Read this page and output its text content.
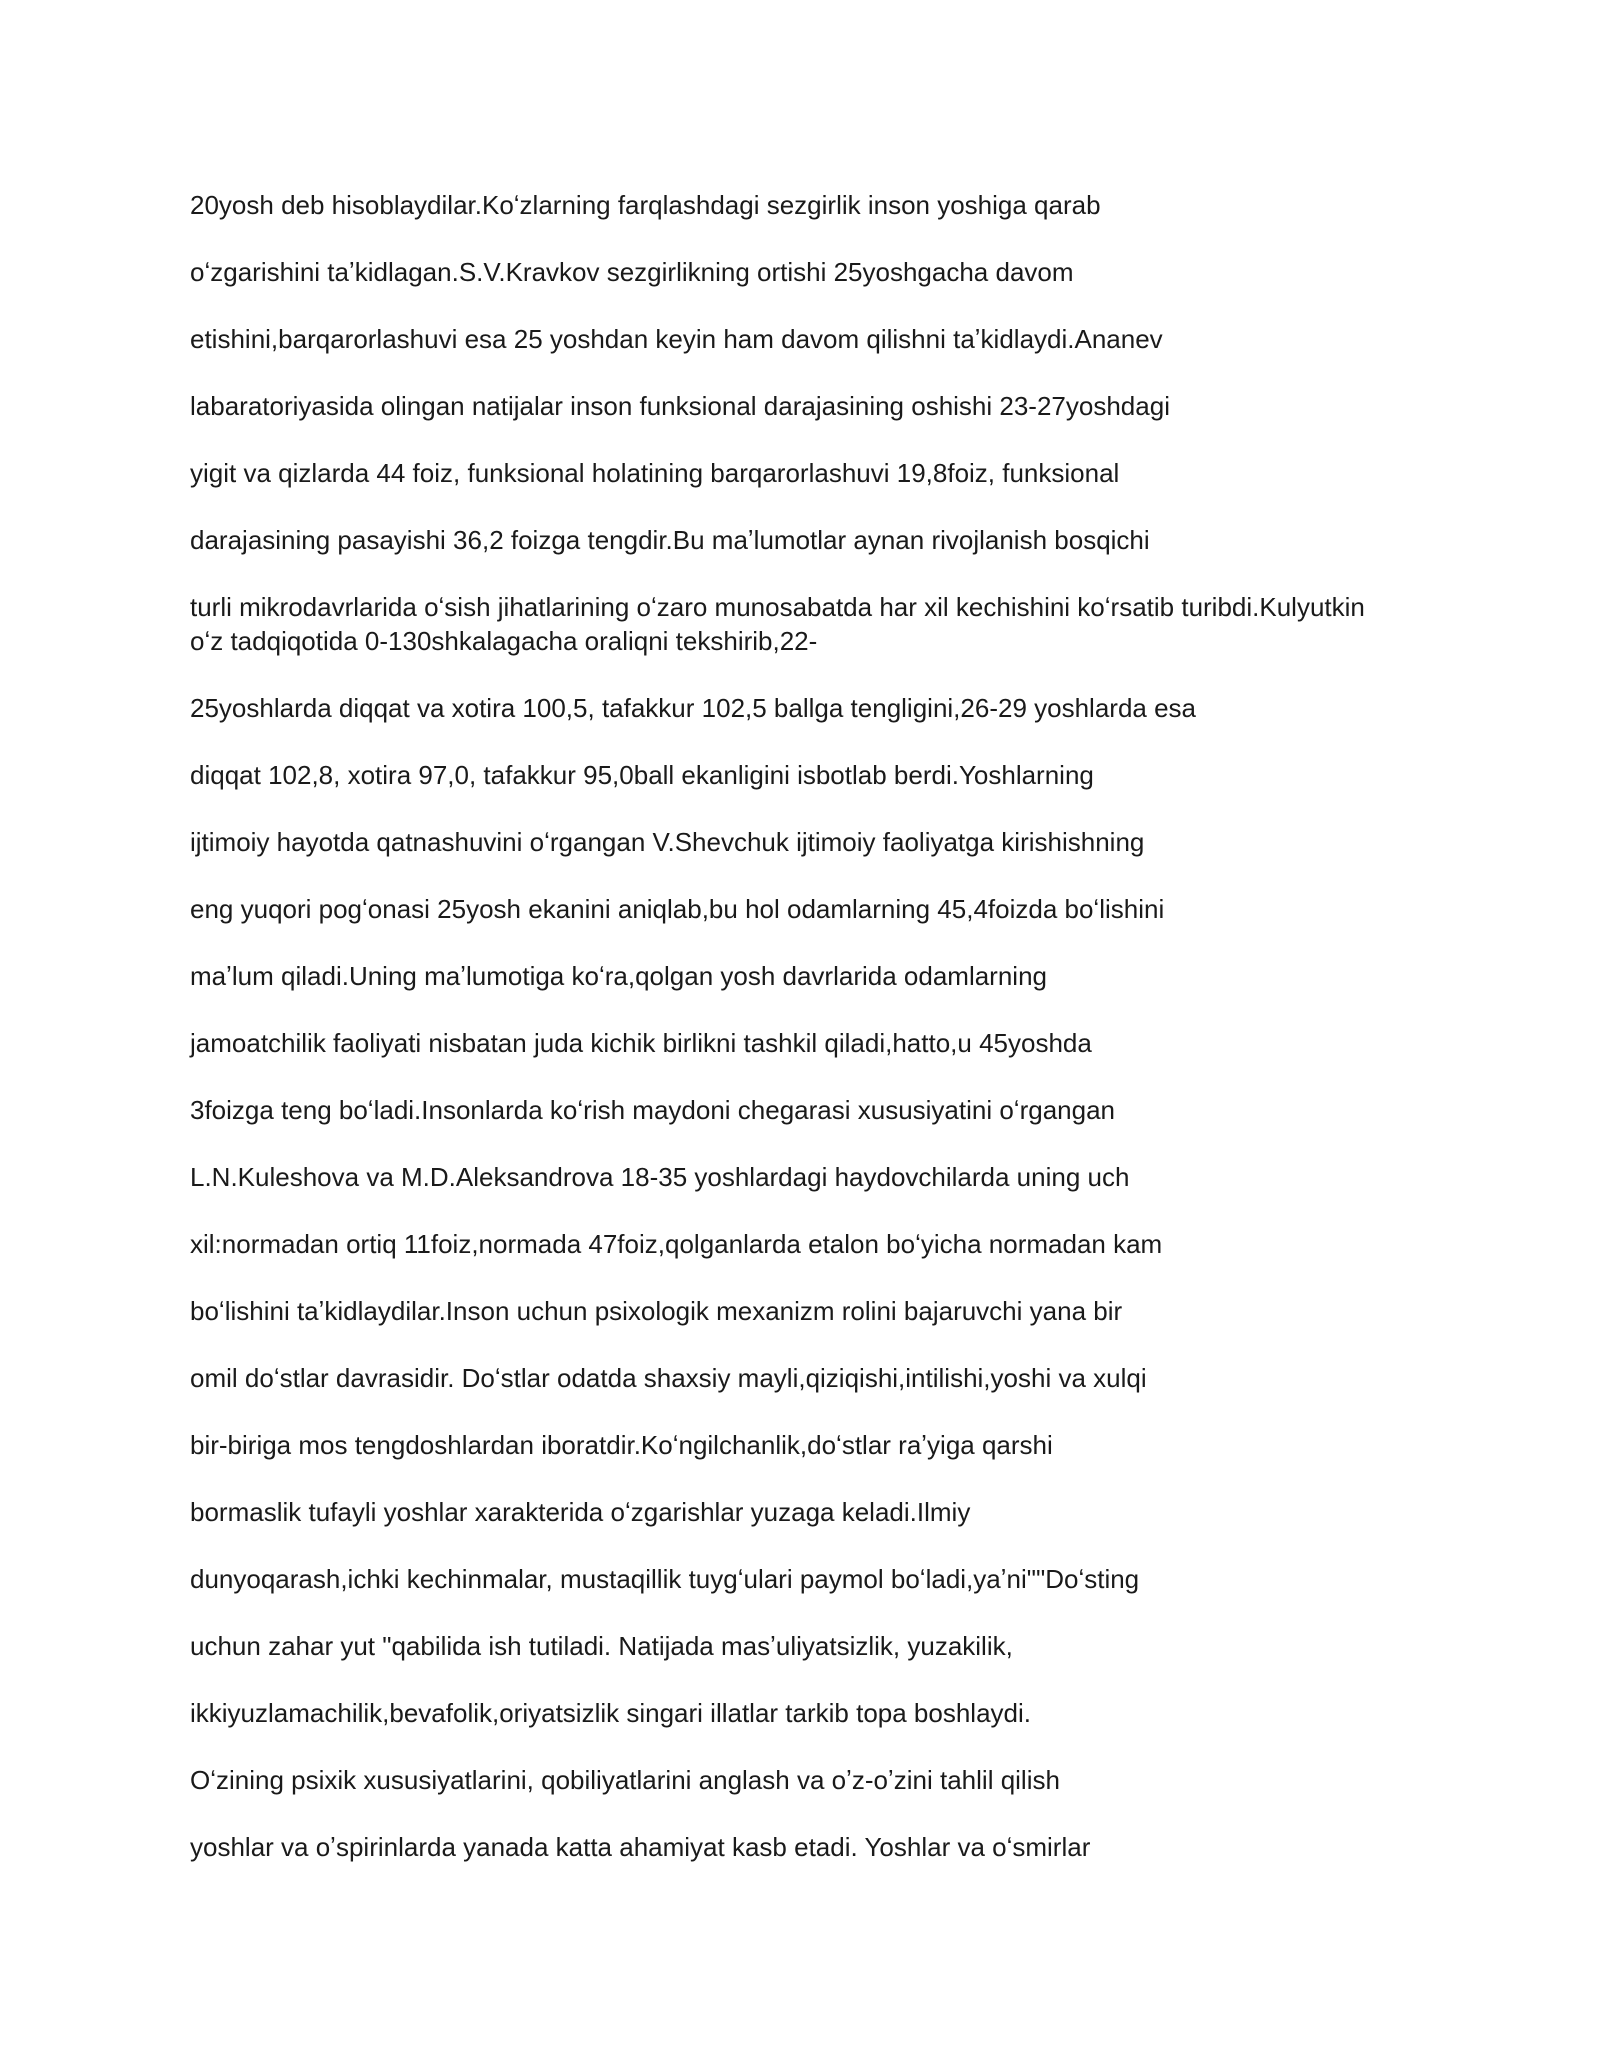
20yosh deb hisoblaydilar.Koʻzlarning farqlashdagi sezgirlik inson yoshiga qarab
oʻzgarishini taʼkidlagan.S.V.Kravkov sezgirlikning ortishi 25yoshgacha davom
etishini,barqarorlashuvi esa 25 yoshdan keyin ham davom qilishni taʼkidlaydi.Ananev
labaratoriyasida olingan natijalar inson funksional darajasining oshishi 23-27yoshdagi
yigit va qizlarda 44 foiz, funksional holatining barqarorlashuvi 19,8foiz, funksional
darajasining pasayishi 36,2 foizga tengdir.Bu maʼlumotlar aynan rivojlanish bosqichi
turli mikrodavrlarida oʻsish jihatlarining oʻzaro munosabatda har xil kechishini koʻrsatib turibdi.Kulyutkin
oʻz tadqiqotida 0-130shkalagacha oraliqni tekshirib,22-
25yoshlarda diqqat va xotira 100,5, tafakkur 102,5 ballga tengligini,26-29 yoshlarda esa
diqqat 102,8, xotira 97,0, tafakkur 95,0ball ekanligini isbotlab berdi.Yoshlarning
ijtimoiy hayotda qatnashuvini oʻrgangan V.Shevchuk ijtimoiy faoliyatga kirishishning
eng yuqori pogʻonasi 25yosh ekanini aniqlab,bu hol odamlarning 45,4foizda boʻlishini
maʼlum qiladi.Uning maʼlumotiga koʻra,qolgan yosh davrlarida odamlarning
jamoatchilik faoliyati nisbatan juda kichik birlikni tashkil qiladi,hatto,u 45yoshda
3foizga teng boʻladi.Insonlarda koʻrish maydoni chegarasi xususiyatini oʻrgangan
L.N.Kuleshova va M.D.Aleksandrova 18-35 yoshlardagi haydovchilarda uning uch
xil:normadan ortiq 11foiz,normada 47foiz,qolganlarda etalon boʻyicha normadan kam
boʻlishini taʼkidlaydilar.Inson uchun psixologik mexanizm rolini bajaruvchi yana bir
omil doʻstlar davrasidir. Doʻstlar odatda shaxsiy mayli,qiziqishi,intilishi,yoshi va xulqi
bir-biriga mos tengdoshlardan iboratdir.Koʻngilchanlik,doʻstlar raʼyiga qarshi
bormaslik tufayli yoshlar xarakterida oʻzgarishlar yuzaga keladi.Ilmiy
dunyoqarash,ichki kechinmalar, mustaqillik tuygʻulari paymol boʻladi,yaʼni""Doʻsting
uchun zahar yut "qabilida ish tutiladi. Natijada masʼuliyatsizlik, yuzakilik,
ikkiyuzlamachilik,bevafolik,oriyatsizlik singari illatlar tarkib topa boshlaydi.
Oʻzining psixik xususiyatlarini, qobiliyatlarini anglash va oʼz-oʼzini tahlil qilish
yoshlar va oʼspirinlarda yanada katta ahamiyat kasb etadi. Yoshlar va oʻsmirlar
